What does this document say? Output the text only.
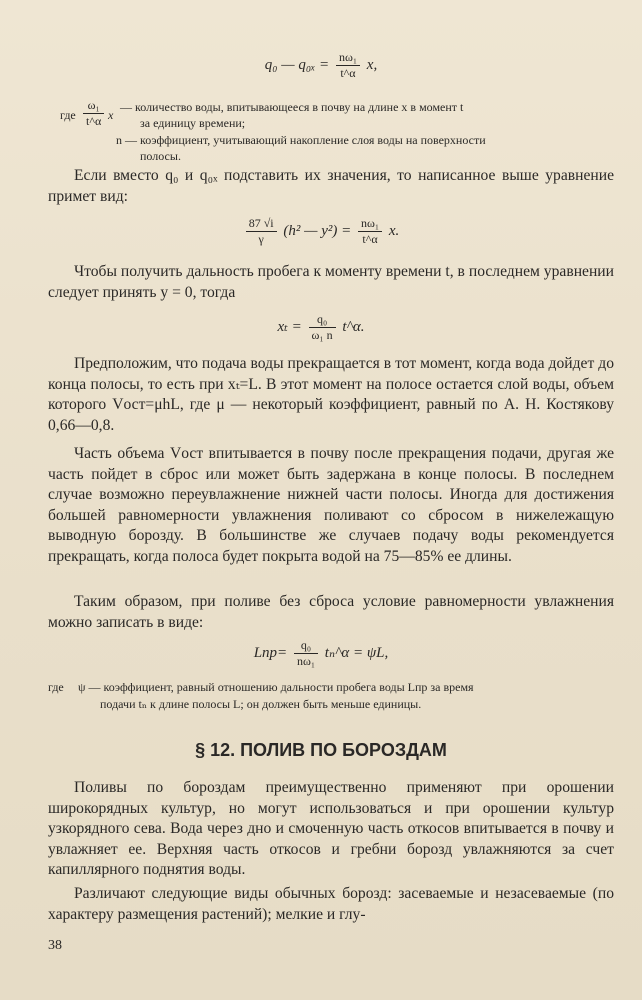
q₀ — $q_{0x} = \frac{\text{nω₁}}{t\^{}\alpha} x$,
где $\frac{\text{ω₁}}{t\^{}\alpha}$ x
— количество воды, впитывающееся в почву на длине x в момент t
за единицу времени;
n — коэффициент, учитывающий накопление слоя воды на поверхности
полосы.

Если вместо q₀ и q₀ₓ подставить их значения, то написанное выше уравнение примет вид:

$\frac{87 √i}{\gamma} (h^2$ — $y^2) = \frac{\text{nω₁}}{t\^{}\alpha} x$.

Чтобы получить дальность пробега к моменту времени t, в последнем уравнении следует принять y = 0, тогда

$x_t = \frac{\text{q₀}}{\text{ω₁ n}}$ t^α.

Предположим, что подача воды прекращается в тот момент, когда вода дойдет до конца полосы, то есть при xₜ=L. В этот момент на полосе остается слой воды, объем которого Vост=μhL, где μ — некоторый коэффициент, равный по А. Н. Костякову 0,66—0,8.

Часть объема Vост впитывается в почву после прекращения подачи, другая же часть пойдет в сброс или может быть задержана в конце полосы. В последнем случае возможно переувлажнение нижней части полосы. Иногда для достижения большей равномерности увлажнения поливают со сбросом в нижележащую выводную борозду. В большинстве же случаев подачу воды рекомендуется прекращать, когда полоса будет покрыта водой на 75—85% ее длины.

Таким образом, при поливе без сброса условие равномерности увлажнения можно записать в виде:

$Lпр= \frac{\text{q₀}}{\text{nω₁}}$ tₙ^α = ψL,
где ψ — коэффициент, равный отношению дальности пробега воды Lпр за время
подачи tₙ к длине полосы L; он должен быть меньше единицы.
§ 12. ПОЛИВ ПО БОРОЗДАМ

Поливы по бороздам преимущественно применяют при орошении широкорядных культур, но могут использоваться и при орошении культур узкорядного сева. Вода через дно и смоченную часть откосов впитывается в почву и увлажняет ее. Верхняя часть откосов и гребни борозд увлажняются за счет капиллярного поднятия воды.

Различают следующие виды обычных борозд: засеваемые и незасеваемые (по характеру размещения растений); мелкие и глу-

38
